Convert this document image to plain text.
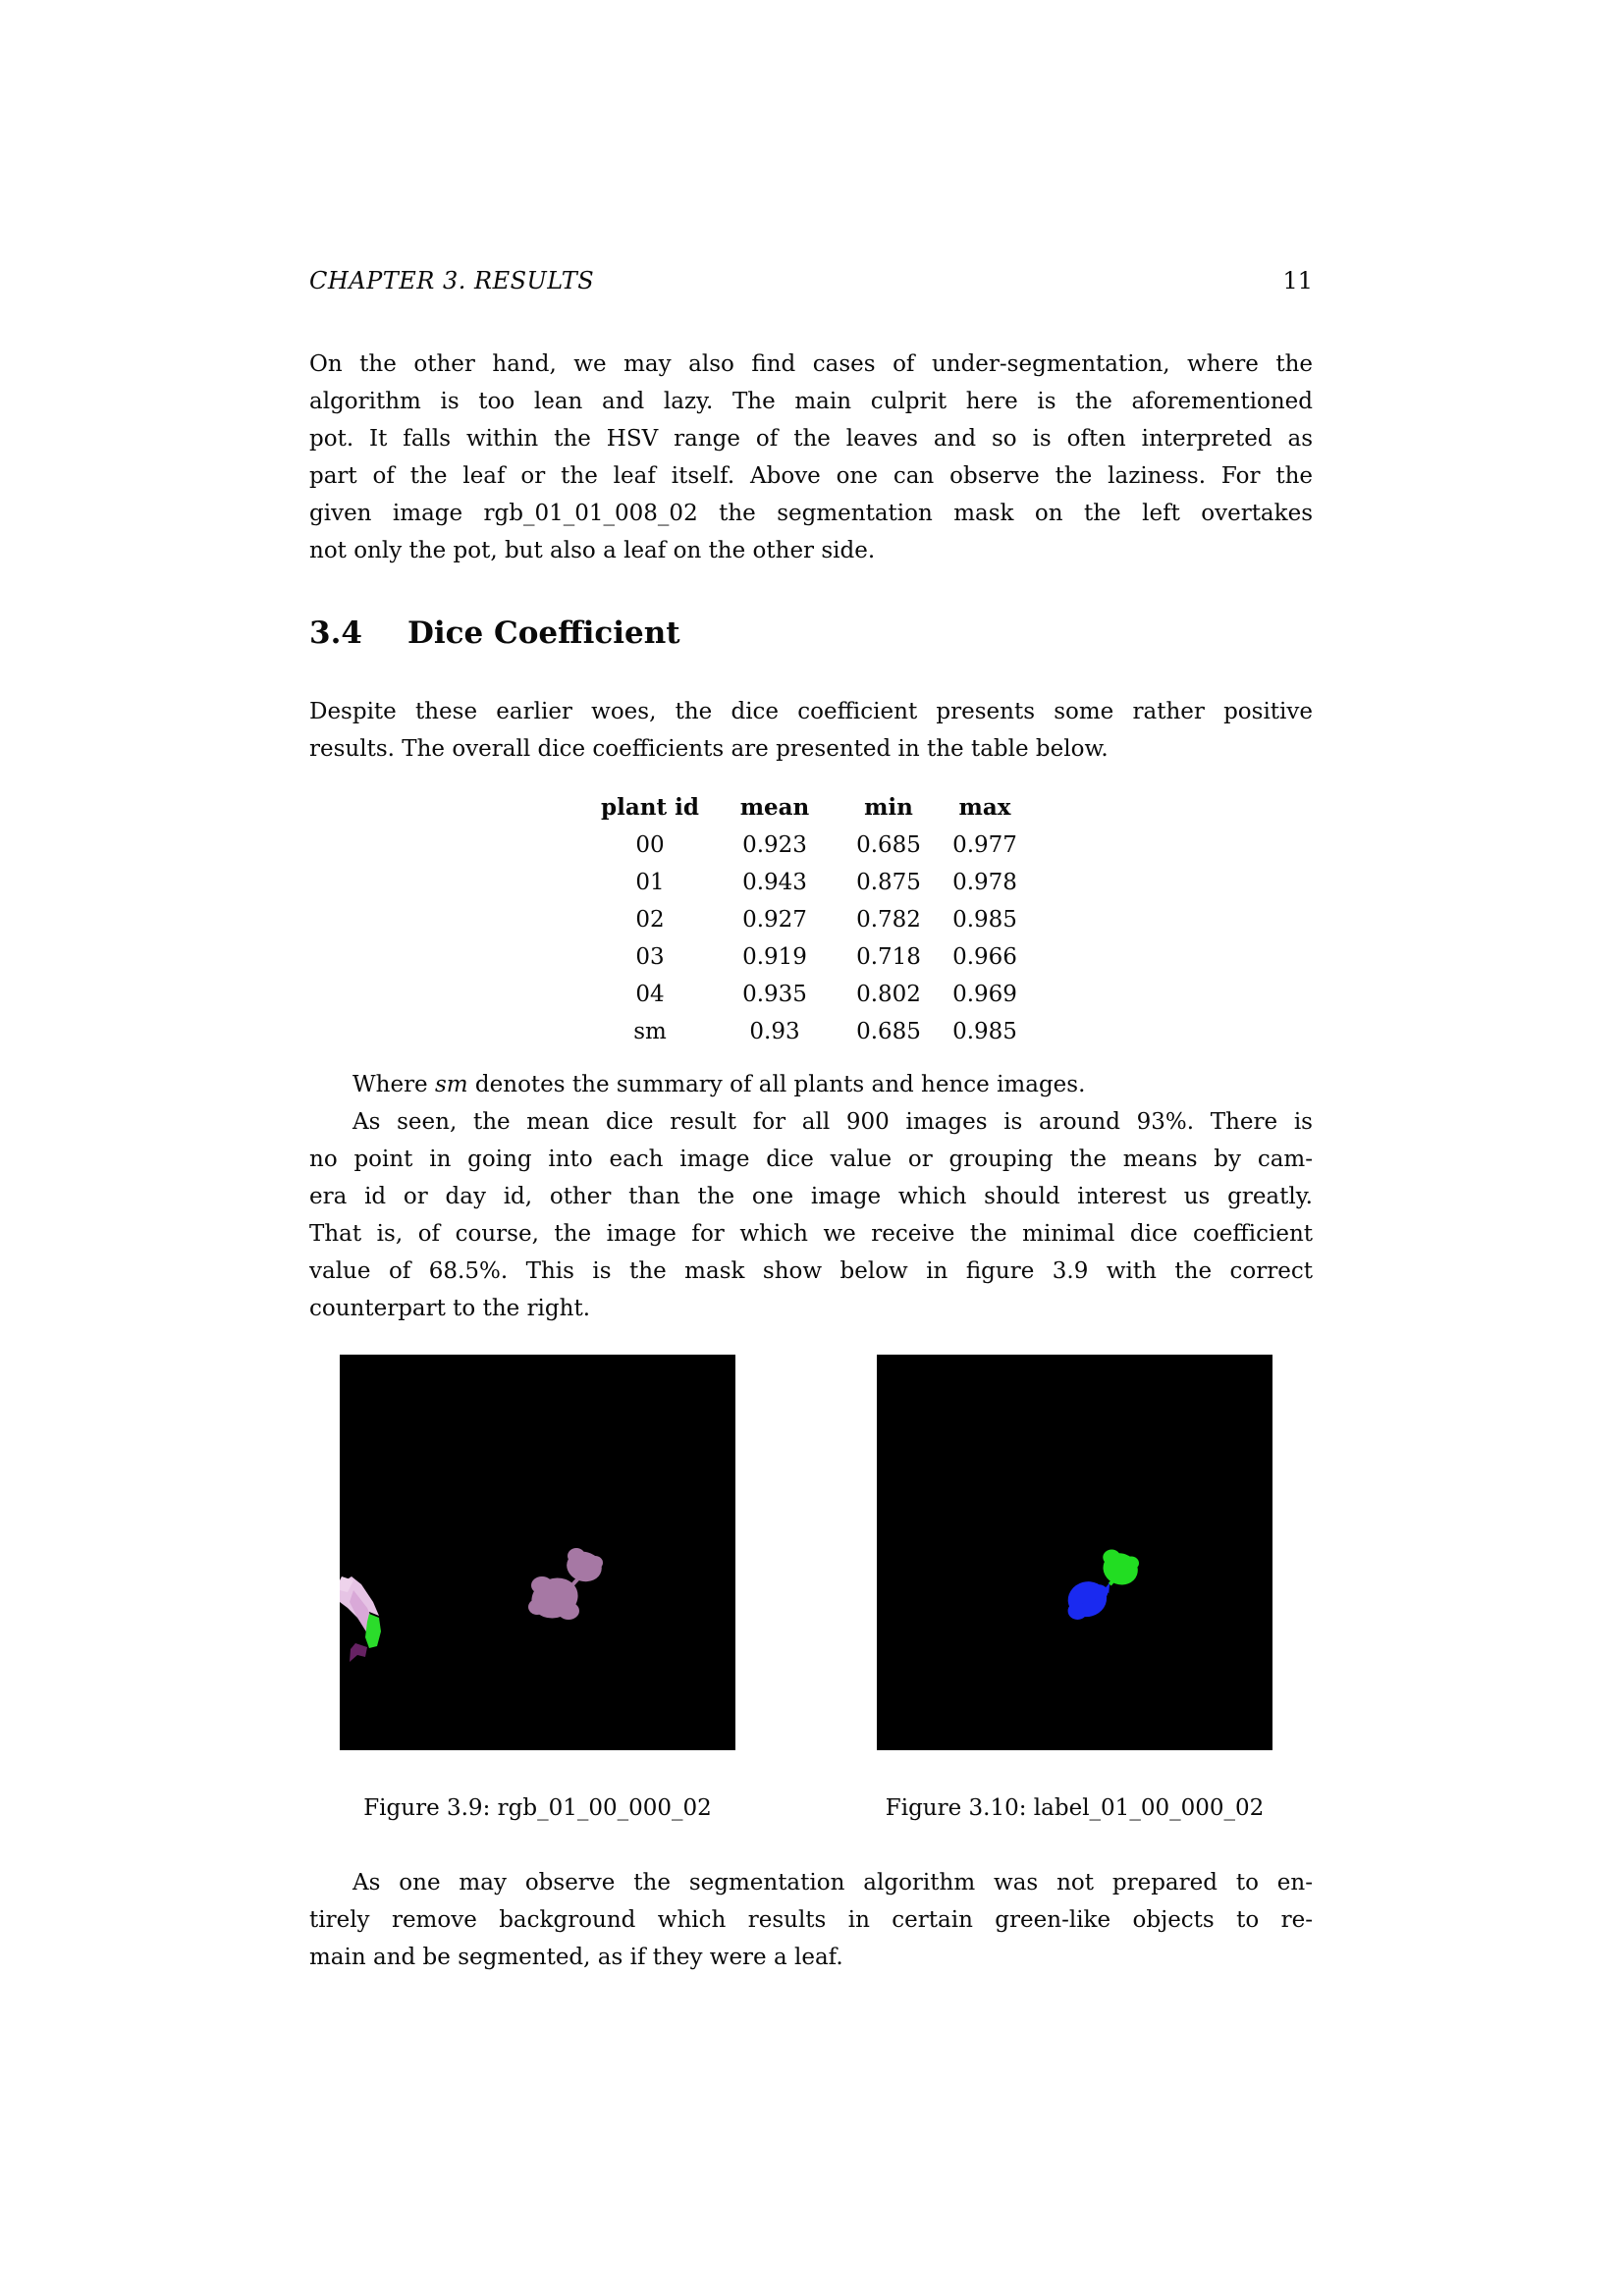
CHAPTER 3. RESULTS	11
On the other hand, we may also find cases of under-segmentation, where the
algorithm is too lean and lazy. The main culprit here is the aforementioned
pot. It falls within the HSV range of the leaves and so is often interpreted as
part of the leaf or the leaf itself. Above one can observe the laziness. For the
given image rgb_01_01_008_02 the segmentation mask on the left overtakes
not only the pot, but also a leaf on the other side.
3.4 Dice Coefficient
Despite these earlier woes, the dice coefficient presents some rather positive
results. The overall dice coefficients are presented in the table below.
plant id	mean	min	max
00	0.923	0.685	0.977
01	0.943	0.875	0.978
02	0.927	0.782	0.985
03	0.919	0.718	0.966
04	0.935	0.802	0.969
sm	0.93	0.685	0.985
Where sm denotes the summary of all plants and hence images.
As seen, the mean dice result for all 900 images is around 93%. There is
no point in going into each image dice value or grouping the means by cam-
era id or day id, other than the one image which should interest us greatly.
That is, of course, the image for which we receive the minimal dice coefficient
value of 68.5%. This is the mask show below in figure 3.9 with the correct
counterpart to the right.
Figure 3.9: rgb_01_00_000_02	Figure 3.10: label_01_00_000_02
As one may observe the segmentation algorithm was not prepared to en-
tirely remove background which results in certain green-like objects to re-
main and be segmented, as if they were a leaf.
